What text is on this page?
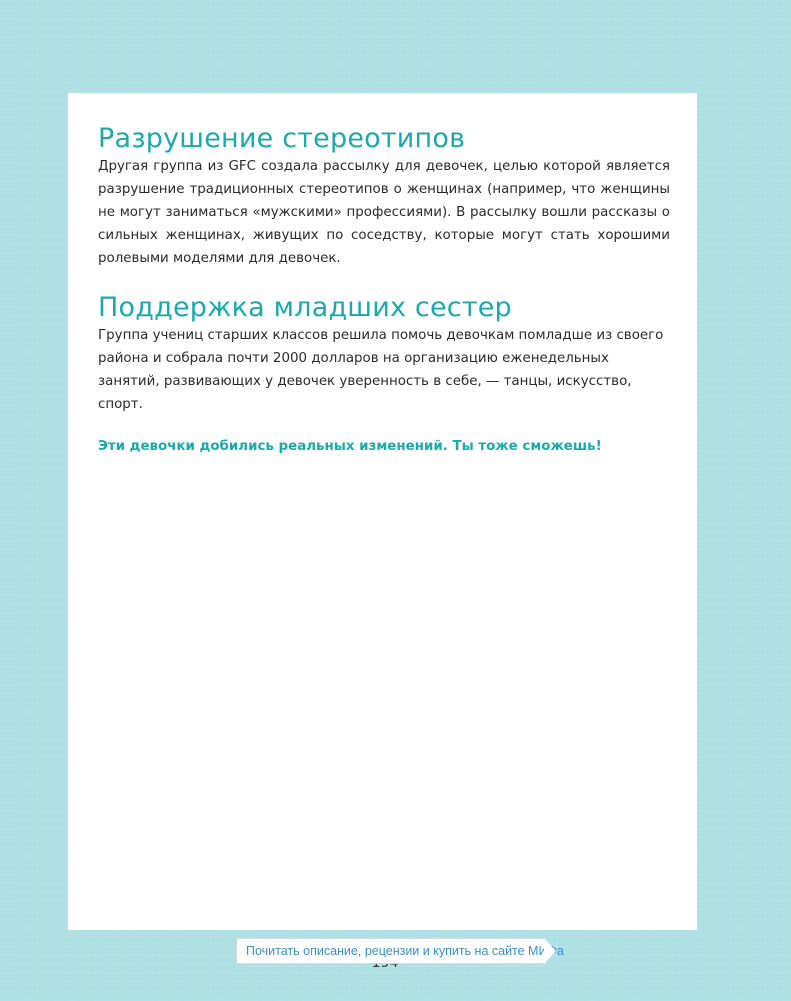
Разрушение стереотипов

Другая группа из GFC создала рассылку для девочек, целью которой является разрушение традиционных стереотипов о женщинах (например, что женщины не могут заниматься «мужскими» профессиями). В рассылку вошли рассказы о сильных женщинах, живущих по соседству, которые могут стать хорошими ролевыми моделями для девочек.

Поддержка младших сестер

Группа учениц старших классов решила помочь девочкам помладше из своего района и собрала почти 2000 долларов на организацию еженедельных занятий, развивающих у девочек уверенность в себе, — танцы, искусство, спорт.

Эти девочки добились реальных изменений. Ты тоже сможешь!
Почитать описание, рецензии и купить на сайте МИФа
